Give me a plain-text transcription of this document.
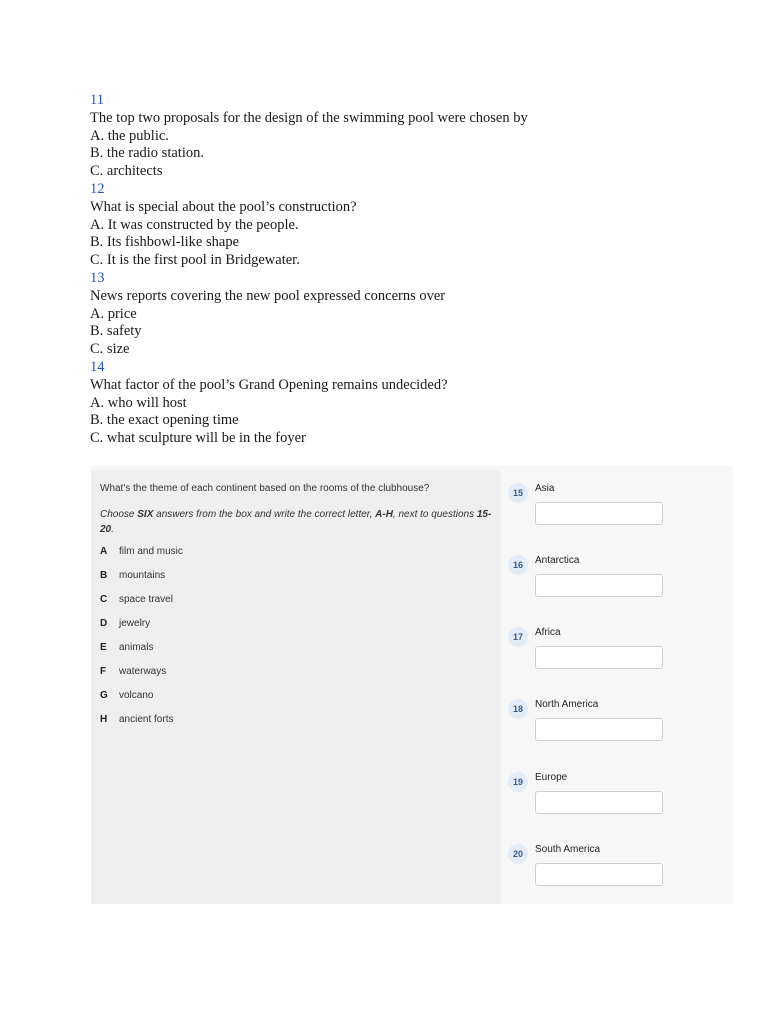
11
The top two proposals for the design of the swimming pool were chosen by
A. the public.
B. the radio station.
C. architects
12
What is special about the pool’s construction?
A. It was constructed by the people.
B. Its fishbowl-like shape
C. It is the first pool in Bridgewater.
13
News reports covering the new pool expressed concerns over
A. price
B. safety
C. size
14
What factor of the pool’s Grand Opening remains undecided?
A. who will host
B. the exact opening time
C. what sculpture will be in the foyer
What's the theme of each continent based on the rooms of the clubhouse?
Choose SIX answers from the box and write the correct letter, A-H, next to questions 15-20.
A film and music
B mountains
C space travel
D jewelry
E animals
F waterways
G volcano
H ancient forts
15	Asia
16	Antarctica
17	Africa
18	North America
19	Europe
20	South America
